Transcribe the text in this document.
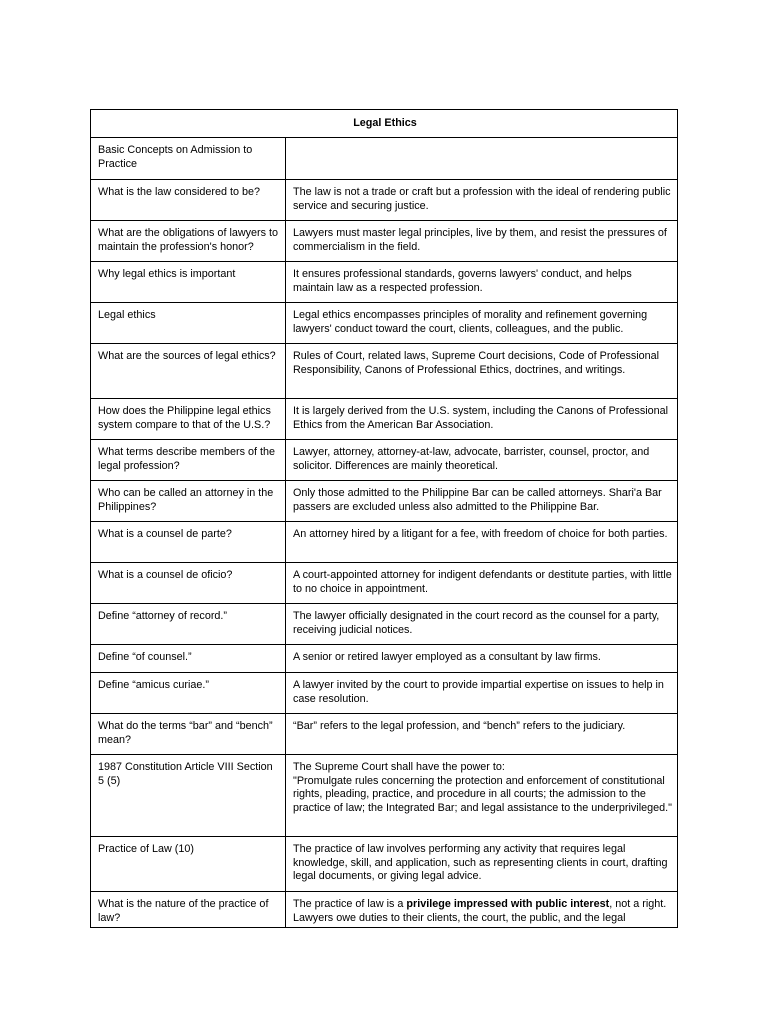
Legal Ethics	
Basic Concepts on Admission to Practice	
What is the law considered to be?	The law is not a trade or craft but a profession with the ideal of rendering public service and securing justice.
What are the obligations of lawyers to maintain the profession's honor?	Lawyers must master legal principles, live by them, and resist the pressures of commercialism in the field.
Why legal ethics is important	It ensures professional standards, governs lawyers' conduct, and helps maintain law as a respected profession.
Legal ethics	Legal ethics encompasses principles of morality and refinement governing lawyers' conduct toward the court, clients, colleagues, and the public.
What are the sources of legal ethics?	Rules of Court, related laws, Supreme Court decisions, Code of Professional Responsibility, Canons of Professional Ethics, doctrines, and writings.
How does the Philippine legal ethics system compare to that of the U.S.?	It is largely derived from the U.S. system, including the Canons of Professional Ethics from the American Bar Association.
What terms describe members of the legal profession?	Lawyer, attorney, attorney-at-law, advocate, barrister, counsel, proctor, and solicitor. Differences are mainly theoretical.
Who can be called an attorney in the Philippines?	Only those admitted to the Philippine Bar can be called attorneys. Shari'a Bar passers are excluded unless also admitted to the Philippine Bar.
What is a counsel de parte?	An attorney hired by a litigant for a fee, with freedom of choice for both parties.
What is a counsel de oficio?	A court-appointed attorney for indigent defendants or destitute parties, with little to no choice in appointment.
Define “attorney of record.”	The lawyer officially designated in the court record as the counsel for a party, receiving judicial notices.
Define “of counsel.”	A senior or retired lawyer employed as a consultant by law firms.
Define “amicus curiae.”	A lawyer invited by the court to provide impartial expertise on issues to help in case resolution.
What do the terms “bar” and “bench” mean?	“Bar” refers to the legal profession, and “bench” refers to the judiciary.
1987 Constitution Article VIII Section 5 (5)	The Supreme Court shall have the power to:
"Promulgate rules concerning the protection and enforcement of constitutional rights, pleading, practice, and procedure in all courts; the admission to the practice of law; the Integrated Bar; and legal assistance to the underprivileged."

Practice of Law (10)	The practice of law involves performing any activity that requires legal knowledge, skill, and application, such as representing clients in court, drafting legal documents, or giving legal advice.
What is the nature of the practice of law?	The practice of law is a privilege impressed with public interest, not a right. Lawyers owe duties to their clients, the court, the public, and the legal
